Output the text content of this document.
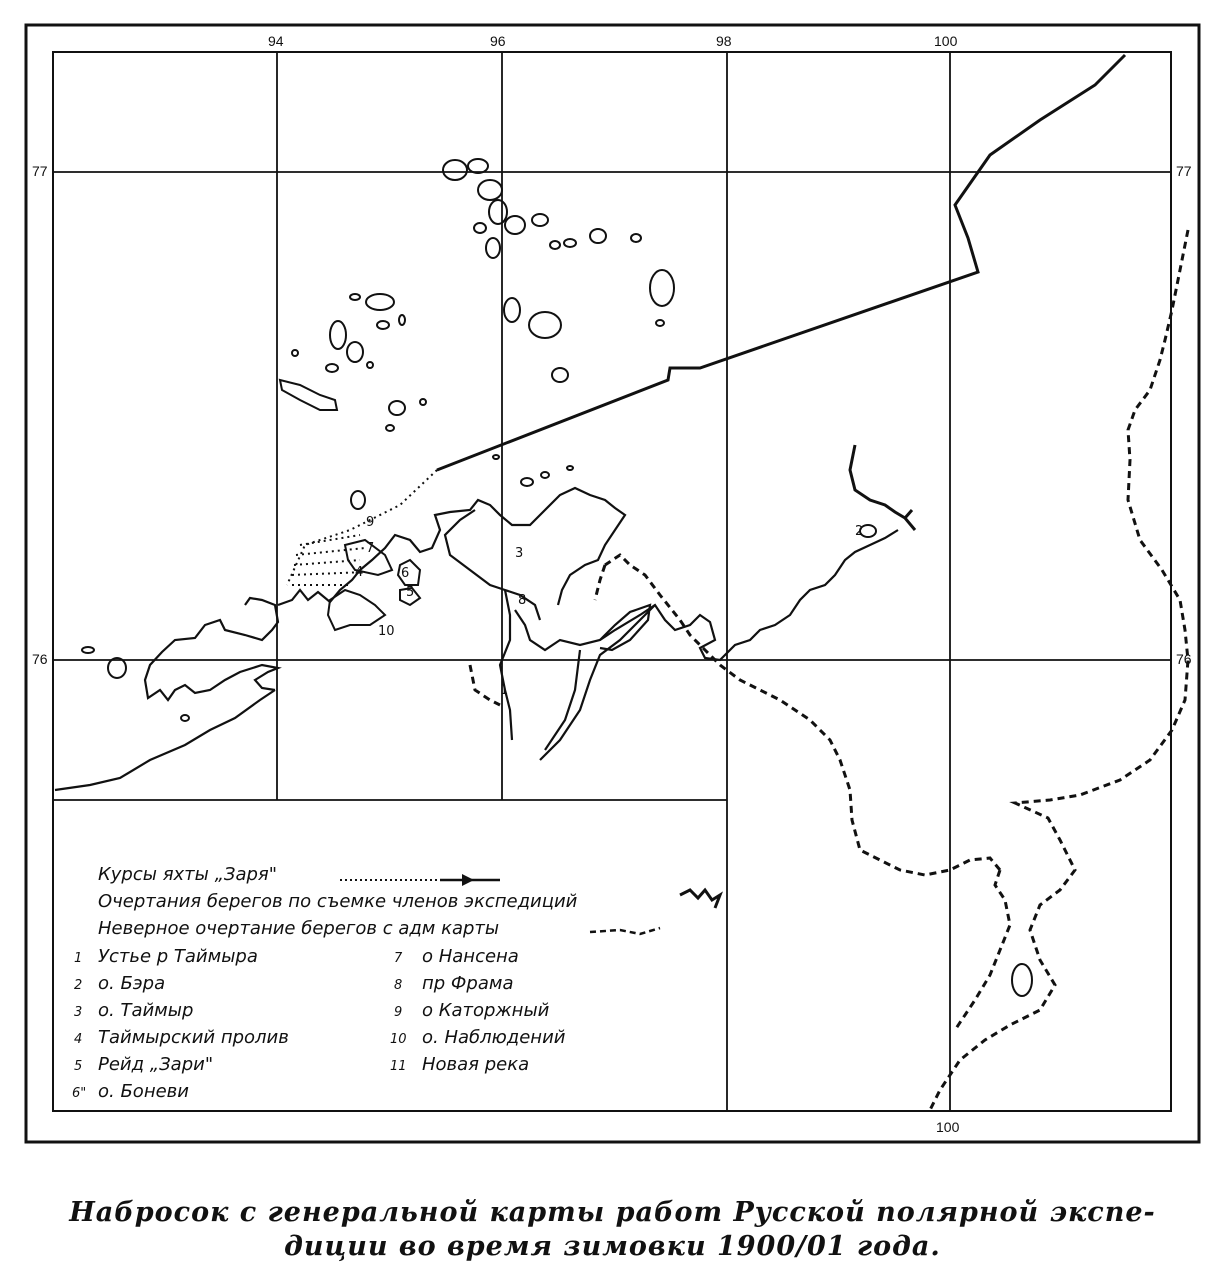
94	96	98	100
100
77	77
76	76
9
7
4	6
5
10
3
8
1
2
Курсы яхты „Заря"
Очертания берегов по съемке членов экспедиций
Неверное очертание берегов с адм карты
1 Устье р Таймыра
2 о. Бэра
3 о. Таймыр
4 Таймырский пролив
5 Рейд „Зари"
6" о. Боневи
7 о Нансена
8 пр Фрама
9 о Каторжный
10 о. Наблюдений
11 Новая река
Набросок с генеральной карты работ Русской полярной экспе-
диции во время зимовки 1900/01 года.
